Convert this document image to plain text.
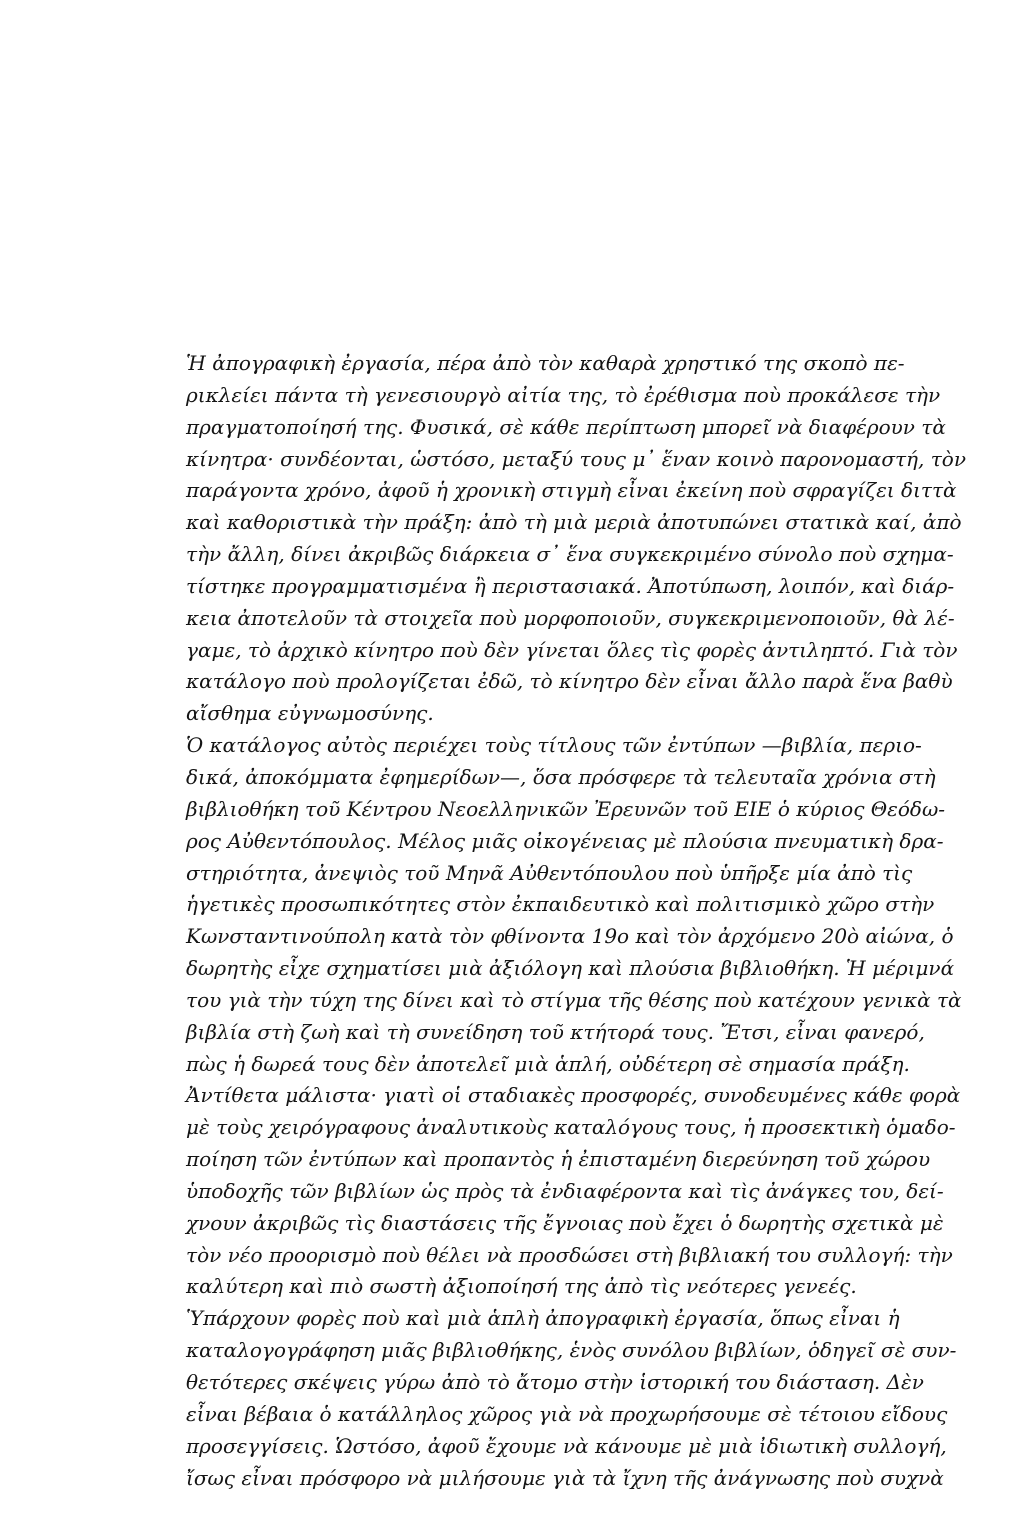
Ἡ ἀπογραφικὴ ἐργασία, πέρα ἀπὸ τὸν καθαρὰ χρηστικό της σκοπὸ πε-
ρικλείει πάντα τὴ γενεσιουργὸ αἰτία της, τὸ ἐρέθισμα ποὺ προκάλεσε τὴν
πραγματοποίησή της. Φυσικά, σὲ κάθε περίπτωση μπορεῖ νὰ διαφέρουν τὰ
κίνητρα· συνδέονται, ὡστόσο, μεταξύ τους μ᾽ ἕναν κοινὸ παρονομαστή, τὸν
παράγοντα χρόνο, ἀφοῦ ἡ χρονικὴ στιγμὴ εἶναι ἐκείνη ποὺ σφραγίζει διττὰ
καὶ καθοριστικὰ τὴν πράξη: ἀπὸ τὴ μιὰ μεριὰ ἀποτυπώνει στατικὰ καί, ἀπὸ
τὴν ἄλλη, δίνει ἀκριβῶς διάρκεια σ᾽ ἕνα συγκεκριμένο σύνολο ποὺ σχημα-
τίστηκε προγραμματισμένα ἢ περιστασιακά. Ἀποτύπωση, λοιπόν, καὶ διάρ-
κεια ἀποτελοῦν τὰ στοιχεῖα ποὺ μορφοποιοῦν, συγκεκριμενοποιοῦν, θὰ λέ-
γαμε, τὸ ἀρχικὸ κίνητρο ποὺ δὲν γίνεται ὅλες τὶς φορὲς ἀντιληπτό. Γιὰ τὸν
κατάλογο ποὺ προλογίζεται ἐδῶ, τὸ κίνητρο δὲν εἶναι ἄλλο παρὰ ἕνα βαθὺ
αἴσθημα εὐγνωμοσύνης.
Ὁ κατάλογος αὐτὸς περιέχει τοὺς τίτλους τῶν ἐντύπων —βιβλία, περιο-
δικά, ἀποκόμματα ἐφημερίδων—, ὅσα πρόσφερε τὰ τελευταῖα χρόνια στὴ
βιβλιοθήκη τοῦ Κέντρου Νεοελληνικῶν Ἐρευνῶν τοῦ ΕΙΕ ὁ κύριος Θεόδω-
ρος Αὐθεντόπουλος. Μέλος μιᾶς οἰκογένειας μὲ πλούσια πνευματικὴ δρα-
στηριότητα, ἀνεψιὸς τοῦ Μηνᾶ Αὐθεντόπουλου ποὺ ὑπῆρξε μία ἀπὸ τὶς
ἡγετικὲς προσωπικότητες στὸν ἐκπαιδευτικὸ καὶ πολιτισμικὸ χῶρο στὴν
Κωνσταντινούπολη κατὰ τὸν φθίνοντα 19ο καὶ τὸν ἀρχόμενο 20ὸ αἰώνα, ὁ
δωρητὴς εἶχε σχηματίσει μιὰ ἀξιόλογη καὶ πλούσια βιβλιοθήκη. Ἡ μέριμνά
του γιὰ τὴν τύχη της δίνει καὶ τὸ στίγμα τῆς θέσης ποὺ κατέχουν γενικὰ τὰ
βιβλία στὴ ζωὴ καὶ τὴ συνείδηση τοῦ κτήτορά τους. Ἔτσι, εἶναι φανερό,
πὼς ἡ δωρεά τους δὲν ἀποτελεῖ μιὰ ἁπλή, οὐδέτερη σὲ σημασία πράξη.
Ἀντίθετα μάλιστα· γιατὶ οἱ σταδιακὲς προσφορές, συνοδευμένες κάθε φορὰ
μὲ τοὺς χειρόγραφους ἀναλυτικοὺς καταλόγους τους, ἡ προσεκτικὴ ὁμαδο-
ποίηση τῶν ἐντύπων καὶ προπαντὸς ἡ ἐπισταμένη διερεύνηση τοῦ χώρου
ὑποδοχῆς τῶν βιβλίων ὡς πρὸς τὰ ἐνδιαφέροντα καὶ τὶς ἀνάγκες του, δεί-
χνουν ἀκριβῶς τὶς διαστάσεις τῆς ἔγνοιας ποὺ ἔχει ὁ δωρητὴς σχετικὰ μὲ
τὸν νέο προορισμὸ ποὺ θέλει νὰ προσδώσει στὴ βιβλιακή του συλλογή: τὴν
καλύτερη καὶ πιὸ σωστὴ ἀξιοποίησή της ἀπὸ τὶς νεότερες γενεές.
Ὑπάρχουν φορὲς ποὺ καὶ μιὰ ἁπλὴ ἀπογραφικὴ ἐργασία, ὅπως εἶναι ἡ
καταλογογράφηση μιᾶς βιβλιοθήκης, ἑνὸς συνόλου βιβλίων, ὁδηγεῖ σὲ συν-
θετότερες σκέψεις γύρω ἀπὸ τὸ ἄτομο στὴν ἱστορική του διάσταση. Δὲν
εἶναι βέβαια ὁ κατάλληλος χῶρος γιὰ νὰ προχωρήσουμε σὲ τέτοιου εἴδους
προσεγγίσεις. Ὡστόσο, ἀφοῦ ἔχουμε νὰ κάνουμε μὲ μιὰ ἰδιωτικὴ συλλογή,
ἴσως εἶναι πρόσφορο νὰ μιλήσουμε γιὰ τὰ ἴχνη τῆς ἀνάγνωσης ποὺ συχνὰ
